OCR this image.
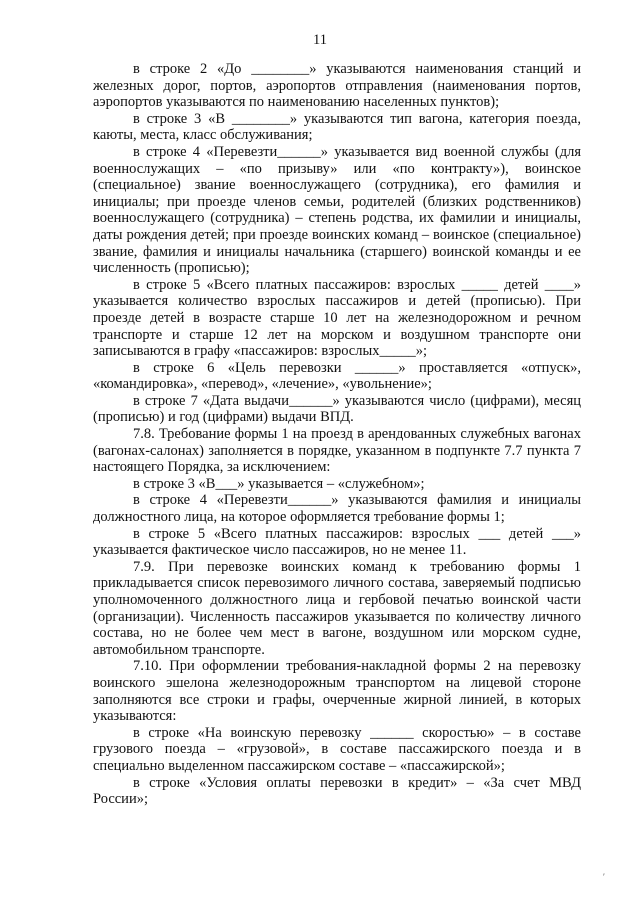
11

в строке 2 «До ________» указываются наименования станций и железных дорог, портов, аэропортов отправления (наименования портов, аэропортов указываются по наименованию населенных пунктов);

в строке 3 «В ________» указываются тип вагона, категория поезда, каюты, места, класс обслуживания;

в строке 4 «Перевезти______» указывается вид военной службы (для военнослужащих – «по призыву» или «по контракту»), воинское (специальное) звание военнослужащего (сотрудника), его фамилия и инициалы; при проезде членов семьи, родителей (близких родственников) военнослужащего (сотрудника) – степень родства, их фамилии и инициалы, даты рождения детей; при проезде воинских команд – воинское (специальное) звание, фамилия и инициалы начальника (старшего) воинской команды и ее численность (прописью);

в строке 5 «Всего платных пассажиров: взрослых _____ детей ____» указывается количество взрослых пассажиров и детей (прописью). При проезде детей в возрасте старше 10 лет на железнодорожном и речном транспорте и старше 12 лет на морском и воздушном транспорте они записываются в графу «пассажиров: взрослых_____»;

в строке 6 «Цель перевозки ______» проставляется «отпуск», «командировка», «перевод», «лечение», «увольнение»;

в строке 7 «Дата выдачи______» указываются число (цифрами), месяц (прописью) и год (цифрами) выдачи ВПД.

7.8. Требование формы 1 на проезд в арендованных служебных вагонах (вагонах-салонах) заполняется в порядке, указанном в подпункте 7.7 пункта 7 настоящего Порядка, за исключением:

в строке 3 «В___» указывается – «служебном»;

в строке 4 «Перевезти______» указываются фамилия и инициалы должностного лица, на которое оформляется требование формы 1;

в строке 5 «Всего платных пассажиров: взрослых ___ детей ___» указывается фактическое число пассажиров, но не менее 11.

7.9. При перевозке воинских команд к требованию формы 1 прикладывается список перевозимого личного состава, заверяемый подписью уполномоченного должностного лица и гербовой печатью воинской части (организации). Численность пассажиров указывается по количеству личного состава, но не более чем мест в вагоне, воздушном или морском судне, автомобильном транспорте.

7.10. При оформлении требования-накладной формы 2 на перевозку воинского эшелона железнодорожным транспортом на лицевой стороне заполняются все строки и графы, очерченные жирной линией, в которых указываются:

в строке «На воинскую перевозку ______ скоростью» – в составе грузового поезда – «грузовой», в составе пассажирского поезда и в специально выделенном пассажирском составе – «пассажирской»;

в строке «Условия оплаты перевозки в кредит» – «За счет МВД России»;

′
